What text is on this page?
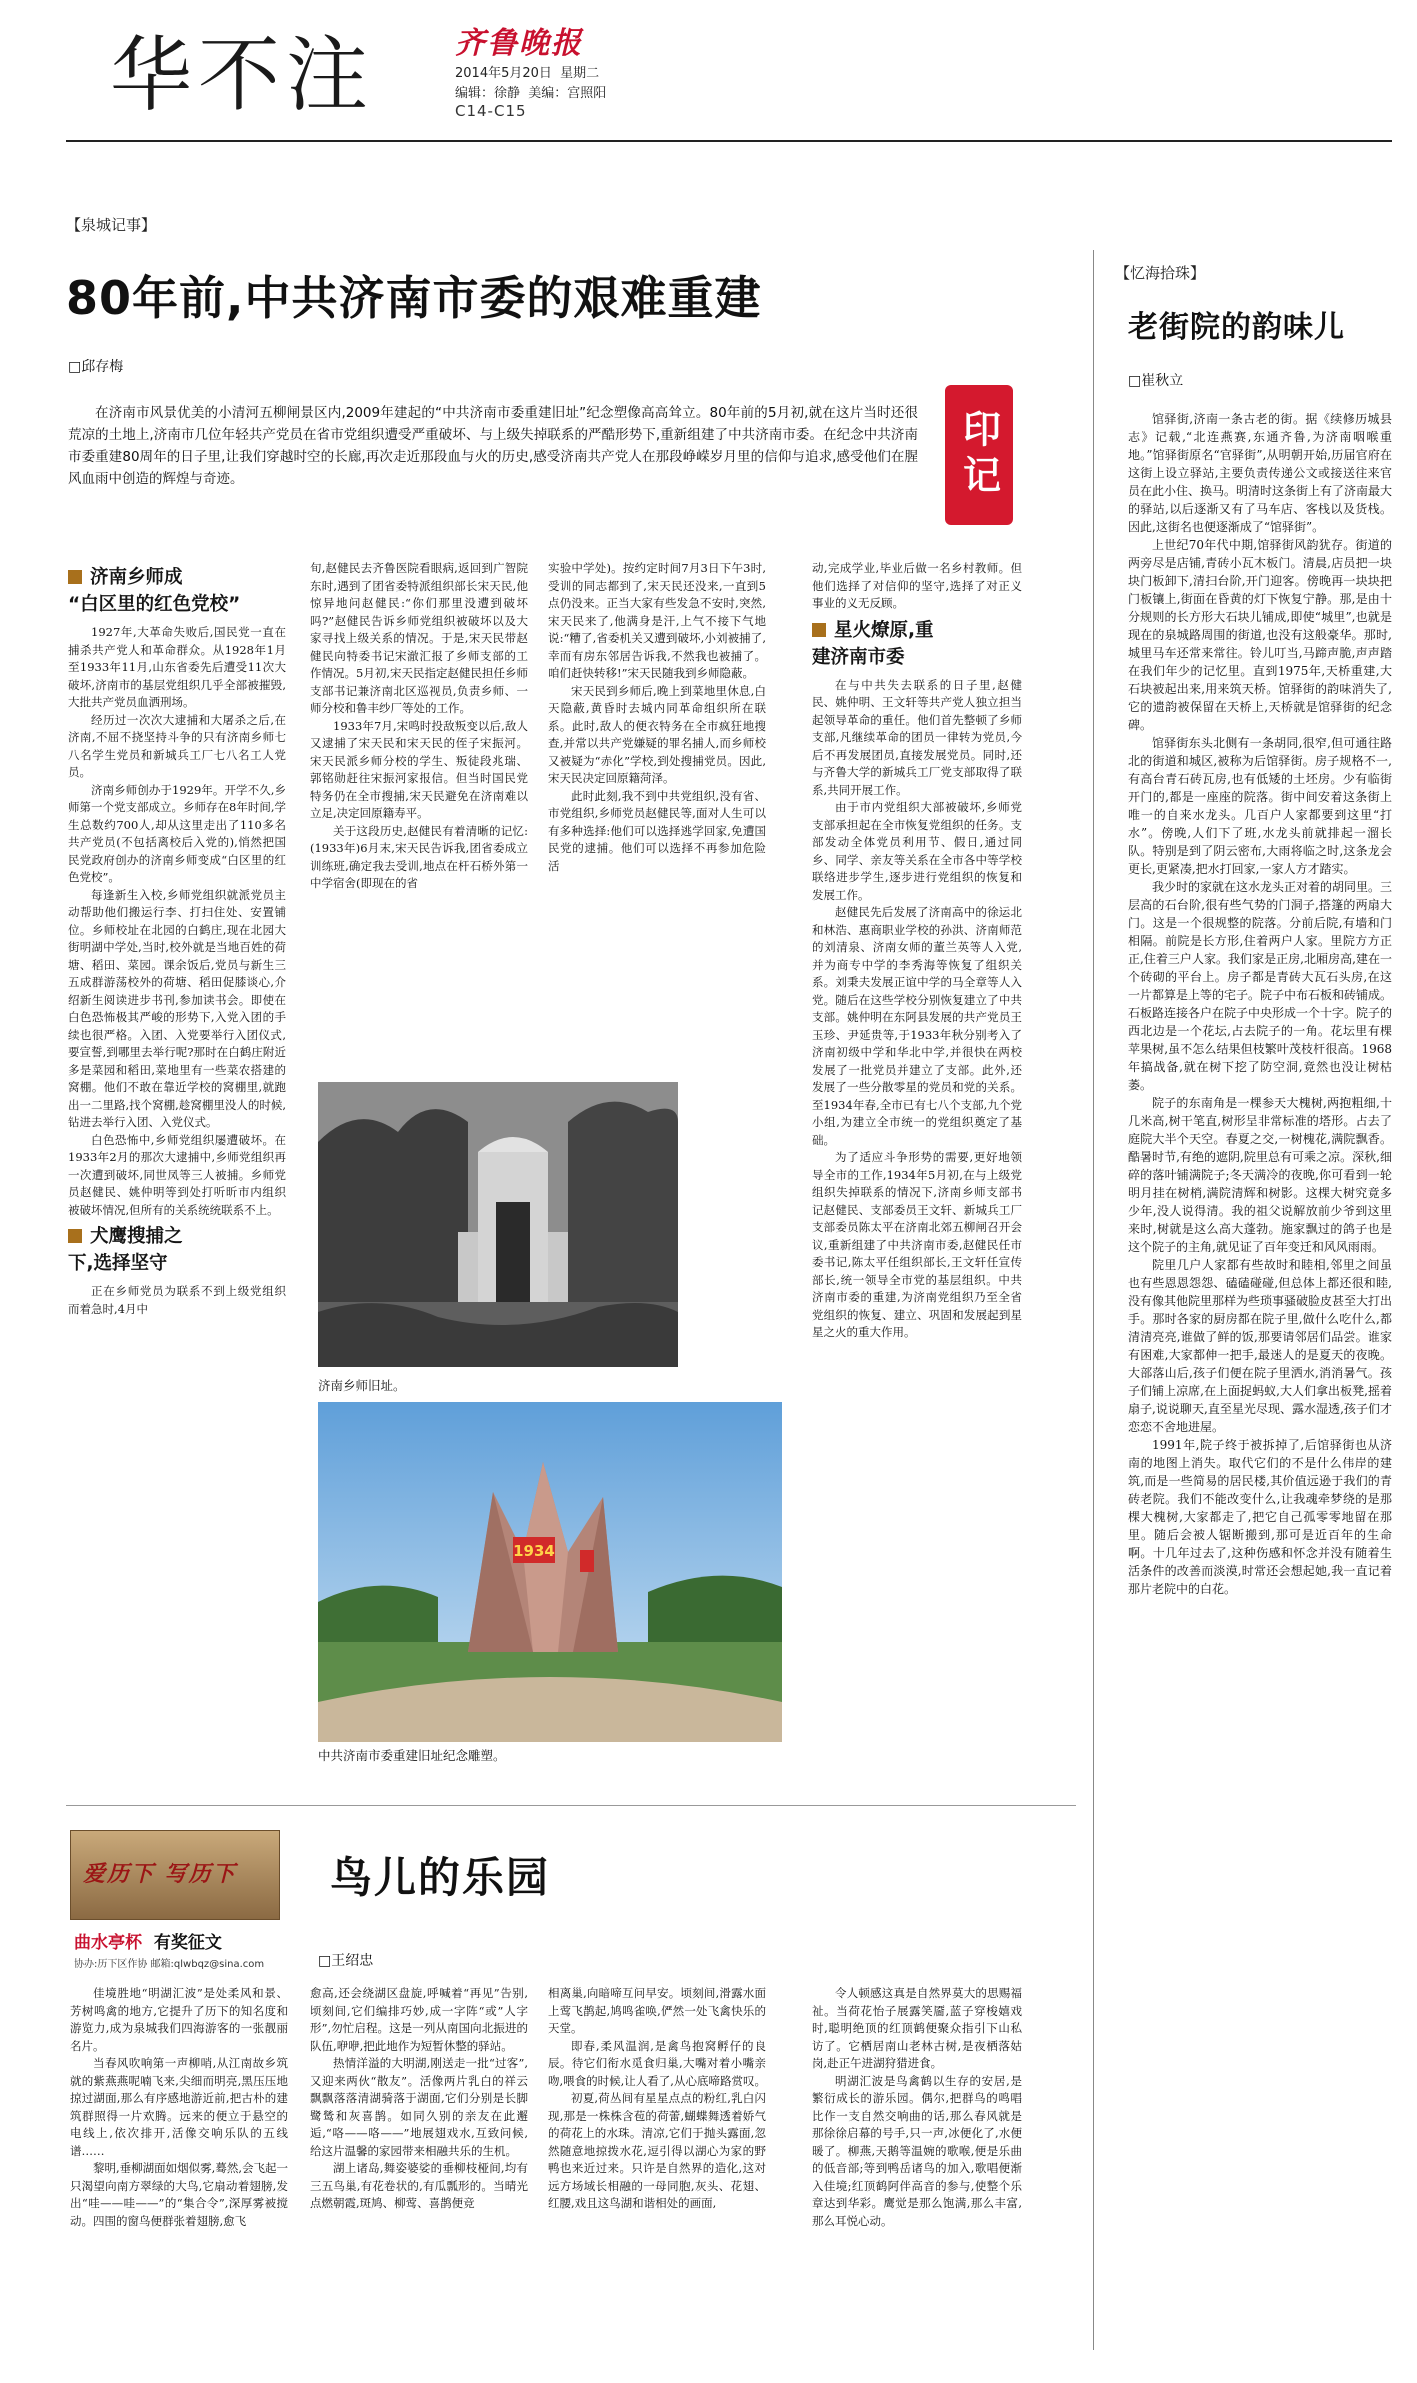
华不注	齐鲁晚报
2014年5月20日 星期二
编辑：徐静 美编：宫照阳
C14-C15
【泉城记事】
80年前,中共济南市委的艰难重建
□邱存梅
在济南市风景优美的小清河五柳闸景区内,2009年建起的“中共济南市委重建旧址”纪念塑像高高耸立。80年前的5月初,就在这片当时还很荒凉的土地上,济南市几位年轻共产党员在省市党组织遭受严重破坏、与上级失掉联系的严酷形势下,重新组建了中共济南市委。在纪念中共济南市委重建80周年的日子里,让我们穿越时空的长廊,再次走近那段血与火的历史,感受济南共产党人在那段峥嵘岁月里的信仰与追求,感受他们在腥风血雨中创造的辉煌与奇迹。	印记
济南乡师成
“白区里的红色党校”

1927年,大革命失败后,国民党一直在捕杀共产党人和革命群众。从1928年1月至1933年11月,山东省委先后遭受11次大破坏,济南市的基层党组织几乎全部被摧毁,大批共产党员血洒刑场。

经历过一次次大逮捕和大屠杀之后,在济南,不屈不挠坚持斗争的只有济南乡师七八名学生党员和新城兵工厂七八名工人党员。

济南乡师创办于1929年。开学不久,乡师第一个党支部成立。乡师存在8年时间,学生总数约700人,却从这里走出了110多名共产党员(不包括离校后入党的),悄然把国民党政府创办的济南乡师变成“白区里的红色党校”。

每逢新生入校,乡师党组织就派党员主动帮助他们搬运行李、打扫住处、安置铺位。乡师校址在北园的白鹤庄,现在北园大街明湖中学处,当时,校外就是当地百姓的荷塘、稻田、菜园。课余饭后,党员与新生三五成群游荡校外的荷塘、稻田促膝谈心,介绍新生阅读进步书刊,参加读书会。即使在白色恐怖极其严峻的形势下,入党入团的手续也很严格。入团、入党要举行入团仪式,要宣誓,到哪里去举行呢?那时在白鹤庄附近多是菜园和稻田,菜地里有一些菜农搭建的窝棚。他们不敢在靠近学校的窝棚里,就跑出一二里路,找个窝棚,趁窝棚里没人的时候,钻进去举行入团、入党仪式。

白色恐怖中,乡师党组织屡遭破坏。在1933年2月的那次大逮捕中,乡师党组织再一次遭到破坏,同世凤等三人被捕。乡师党员赵健民、姚仲明等到处打听昕市内组织被破坏情况,但所有的关系统统联系不上。

犬鹰搜捕之
下,选择坚守

正在乡师党员为联系不到上级党组织而着急时,4月中

旬,赵健民去齐鲁医院看眼病,返回到广智院东时,遇到了团省委特派组织部长宋天民,他惊异地问赵健民:“你们那里没遭到破坏吗?”赵健民告诉乡师党组织被破坏以及大家寻找上级关系的情况。于是,宋天民带赵健民向特委书记宋澈汇报了乡师支部的工作情况。5月初,宋天民指定赵健民担任乡师支部书记兼济南北区巡视员,负责乡师、一师分校和鲁丰纱厂等处的工作。

1933年7月,宋鸣时投敌叛变以后,敌人又逮捕了宋天民和宋天民的侄子宋振河。宋天民派乡师分校的学生、叛徒段兆瑞、郭铭勋赶往宋振河家报信。但当时国民党特务仍在全市搜捕,宋天民避免在济南难以立足,决定回原籍寿平。

关于这段历史,赵健民有着清晰的记忆:(1933年)6月末,宋天民告诉我,团省委成立训练班,确定我去受训,地点在杆石桥外第一中学宿舍(即现在的省

济南乡师旧址。
1934
中共济南市委重建旧址纪念雕塑。

实验中学处)。按约定时间7月3日下午3时,受训的同志都到了,宋天民还没来,一直到5点仍没来。正当大家有些发急不安时,突然,宋天民来了,他满身是汗,上气不接下气地说:“糟了,省委机关又遭到破坏,小刘被捕了,幸而有房东邻居告诉我,不然我也被捕了。咱们赶快转移!”宋天民随我到乡师隐蔽。

宋天民到乡师后,晚上到菜地里休息,白天隐蔽,黄昏时去城内同革命组织所在联系。此时,敌人的便衣特务在全市疯狂地搜查,并常以共产党嫌疑的罪名捕人,而乡师校又被疑为“赤化”学校,到处搜捕党员。因此,宋天民决定回原籍菏泽。

此时此刻,我不到中共党组织,没有省、市党组织,乡师党员赵健民等,面对人生可以有多种选择:他们可以选择逃学回家,免遭国民党的逮捕。他们可以选择不再参加危险活

动,完成学业,毕业后做一名乡村教师。但他们选择了对信仰的坚守,选择了对正义事业的义无反顾。

星火燎原,重
建济南市委

在与中共失去联系的日子里,赵健民、姚仲明、王文轩等共产党人独立担当起领导革命的重任。他们首先整顿了乡师支部,凡继续革命的团员一律转为党员,今后不再发展团员,直接发展党员。同时,还与齐鲁大学的新城兵工厂党支部取得了联系,共同开展工作。

由于市内党组织大部被破坏,乡师党支部承担起在全市恢复党组织的任务。支部发动全体党员利用节、假日,通过同乡、同学、亲友等关系在全市各中等学校联络进步学生,逐步进行党组织的恢复和发展工作。

赵健民先后发展了济南高中的徐运北和林浩、惠商职业学校的孙洪、济南师范的刘清泉、济南女师的董兰英等人入党,并为商专中学的李秀海等恢复了组织关系。刘秉夫发展正谊中学的马全章等人入党。随后在这些学校分别恢复建立了中共支部。姚仲明在东阿县发展的共产党员王玉珍、尹延贵等,于1933年秋分别考入了济南初级中学和华北中学,并很快在两校发展了一批党员并建立了支部。此外,还发展了一些分散零星的党员和党的关系。至1934年春,全市已有七八个支部,九个党小组,为建立全市统一的党组织奠定了基础。

为了适应斗争形势的需要,更好地领导全市的工作,1934年5月初,在与上级党组织失掉联系的情况下,济南乡师支部书记赵健民、支部委员王文轩、新城兵工厂支部委员陈太平在济南北郊五柳闸召开会议,重新组建了中共济南市委,赵健民任市委书记,陈太平任组织部长,王文轩任宣传部长,统一领导全市党的基层组织。中共济南市委的重建,为济南党组织乃至全省党组织的恢复、建立、巩固和发展起到星星之火的重大作用。

【忆海拾珠】
老街院的韵味儿
□崔秋立

馆驿街,济南一条古老的街。据《续修历城县志》记载,“北连燕赛,东通齐鲁,为济南咽喉重地。”馆驿街原名“官驿街”,从明朝开始,历届官府在这街上设立驿站,主要负责传递公文或接送往来官员在此小住、换马。明清时这条街上有了济南最大的驿站,以后逐渐又有了马车店、客栈以及货栈。因此,这街名也便逐渐成了“馆驿街”。

上世纪70年代中期,馆驿街风韵犹存。街道的两旁尽是店铺,青砖小瓦木板门。清晨,店员把一块块门板卸下,清扫台阶,开门迎客。傍晚再一块块把门板镶上,街面在昏黄的灯下恢复宁静。那,是由十分规则的长方形大石块儿铺成,即使“城里”,也就是现在的泉城路周围的街道,也没有这般豪华。那时,城里马车还常来常往。铃儿叮当,马蹄声脆,声声踏在我们年少的记忆里。直到1975年,天桥重建,大石块被起出来,用来筑天桥。馆驿街的韵味消失了,它的遗韵被保留在天桥上,天桥就是馆驿街的纪念碑。

馆驿街东头北侧有一条胡同,很窄,但可通往路北的街道和城区,被称为后馆驿街。房子规格不一,有高台青石砖瓦房,也有低矮的土坯房。少有临街开门的,都是一座座的院落。街中间安着这条街上唯一的自来水龙头。几百户人家都要到这里“打水”。傍晚,人们下了班,水龙头前就排起一溜长队。特别是到了阴云密布,大雨将临之时,这条龙会更长,更紧凑,把水打回家,一家人方才踏实。

我少时的家就在这水龙头正对着的胡同里。三层高的石台阶,很有些气势的门洞子,搭篷的两扇大门。这是一个很规整的院落。分前后院,有墙和门相隔。前院是长方形,住着两户人家。里院方方正正,住着三户人家。我们家是正房,北厢房高,建在一个砖砌的平台上。房子都是青砖大瓦石头房,在这一片都算是上等的宅子。院子中布石板和砖铺成。石板路连接各户在院子中央形成一个十字。院子的西北边是一个花坛,占去院子的一角。花坛里有棵苹果树,虽不怎么结果但枝繁叶茂枝杆很高。1968年搞战备,就在树下挖了防空洞,竟然也没让树枯萎。

院子的东南角是一棵参天大槐树,两抱粗细,十几米高,树干笔直,树形呈非常标准的塔形。占去了庭院大半个天空。春夏之交,一树槐花,满院飘香。酷暑时节,有绝的遮阴,院里总有可乘之凉。深秋,细碎的落叶铺满院子;冬天满冷的夜晚,你可看到一轮明月挂在树梢,满院清辉和树影。这棵大树究竟多少年,没人说得清。我的祖父说解放前少爷到这里来时,树就是这么高大蓬勃。施家飘过的鸽子也是这个院子的主角,就见证了百年变迁和风风雨雨。

院里几户人家都有些故时和睦相,邻里之间虽也有些恩恩怨怨、磕磕碰碰,但总体上都还很和睦,没有像其他院里那样为些琐事骚破脸皮甚至大打出手。那时各家的厨房都在院子里,做什么吃什么,都清清亮亮,谁做了鲜的饭,那要请邻居们品尝。谁家有困难,大家都伸一把手,最迷人的是夏天的夜晚。大部落山后,孩子们便在院子里洒水,消消暑气。孩子们铺上凉席,在上面捉蚂蚁,大人们拿出板凳,摇着扇子,说说聊天,直至星光尽现、露水湿透,孩子们才恋恋不舍地进屋。

1991年,院子终于被拆掉了,后馆驿街也从济南的地图上消失。取代它们的不是什么伟岸的建筑,而是一些简易的居民楼,其价值远逊于我们的青砖老院。我们不能改变什么,让我魂牵梦绕的是那棵大槐树,大家都走了,把它自己孤零零地留在那里。随后会被人锯断搬到,那可是近百年的生命啊。十几年过去了,这种伤感和怀念并没有随着生活条件的改善而淡漠,时常还会想起她,我一直记着那片老院中的白花。

爱历下 写历下
曲水亭杯 有奖征文
协办:历下区作协 邮箱:qlwbqz@sina.com
鸟儿的乐园
□王绍忠

佳境胜地“明湖汇波”是处柔风和景、芳树鸣禽的地方,它提升了历下的知名度和游览力,成为泉城我们四海游客的一张靓丽名片。

当春风吹响第一声柳哨,从江南故乡筑就的紫燕燕呢喃飞来,尖细而明亮,黑压压地掠过湖面,那么有序感地游近前,把古朴的建筑群照得一片欢腾。远来的便立于悬空的电线上,依次排开,活像交响乐队的五线谱……

黎明,垂柳湖面如烟似雾,蓦然,会飞起一只渴望向南方翠绿的大鸟,它扇动着翅膀,发出“哇——哇——”的“集合令”,深厚雾被搅动。四围的窗鸟便群张着翅膀,愈飞

愈高,还会绕湖区盘旋,呼喊着“再见”告别,顷刻间,它们编排巧妙,成一字阵“或”人字形”,勿忙启程。这是一列从南国向北振进的队伍,咿咿,把此地作为短暂休整的驿站。

热情洋溢的大明湖,刚送走一批“过客”,又迎来两伙“散友”。活像两片乳白的祥云飘飘落落清湖骑落于湖面,它们分别是长脚鹭鸶和灰喜鹊。如同久别的亲友在此邂逅,“咯——咯——”地展翅戏水,互致问候,给这片温馨的家园带来相融共乐的生机。

湖上诸岛,舞姿婆娑的垂柳枝桠间,均有三五鸟巢,有花卷状的,有瓜瓢形的。当晴光点燃朝霞,斑鸠、柳莺、喜鹊便竞

相离巢,向暗啼互问早安。顷刻间,滑露水面上莺飞鹊起,鸠鸣雀唤,俨然一处飞禽快乐的天堂。

即春,柔风温润,是禽鸟抱窝孵仔的良辰。待它们衔水觅食归巢,大嘴对着小嘴亲吻,喂食的时候,让人看了,从心底啼路赏叹。

初夏,荷丛间有星星点点的粉红,乳白闪现,那是一株株含苞的荷蕾,蝴蝶舞透着娇气的荷花上的水珠。清凉,它们于抛头露面,忽然随意地掠拨水花,逗引得以湖心为家的野鸭也来近过来。只许是自然界的造化,这对远方场域长相融的一母同胞,灰头、花翅、红腰,戏且这鸟湖和谐相处的画面,

令人顿感这真是自然界莫大的思赐福祉。当荷花怡子展露笑靥,蓝子穿梭嬉戏时,聪明绝顶的红顶鹤便聚众指引下山私访了。它栖居南山老林古树,是夜栖落姑岗,赴正午进湖狩猎进食。

明湖汇波是鸟禽鹤以生存的安居,是繁衍成长的游乐园。偶尔,把群鸟的鸣唱比作一支自然交响曲的话,那么春风就是那徐徐启幕的号手,只一声,冰便化了,水便暖了。柳燕,天鹅等温婉的歌喉,便是乐曲的低音部;等到鸭岳诸鸟的加入,歌唱便渐入佳境;红顶鹤阿伴高音的参与,使整个乐章达到华彩。鹰觉是那么饱满,那么丰富,那么耳悦心动。
